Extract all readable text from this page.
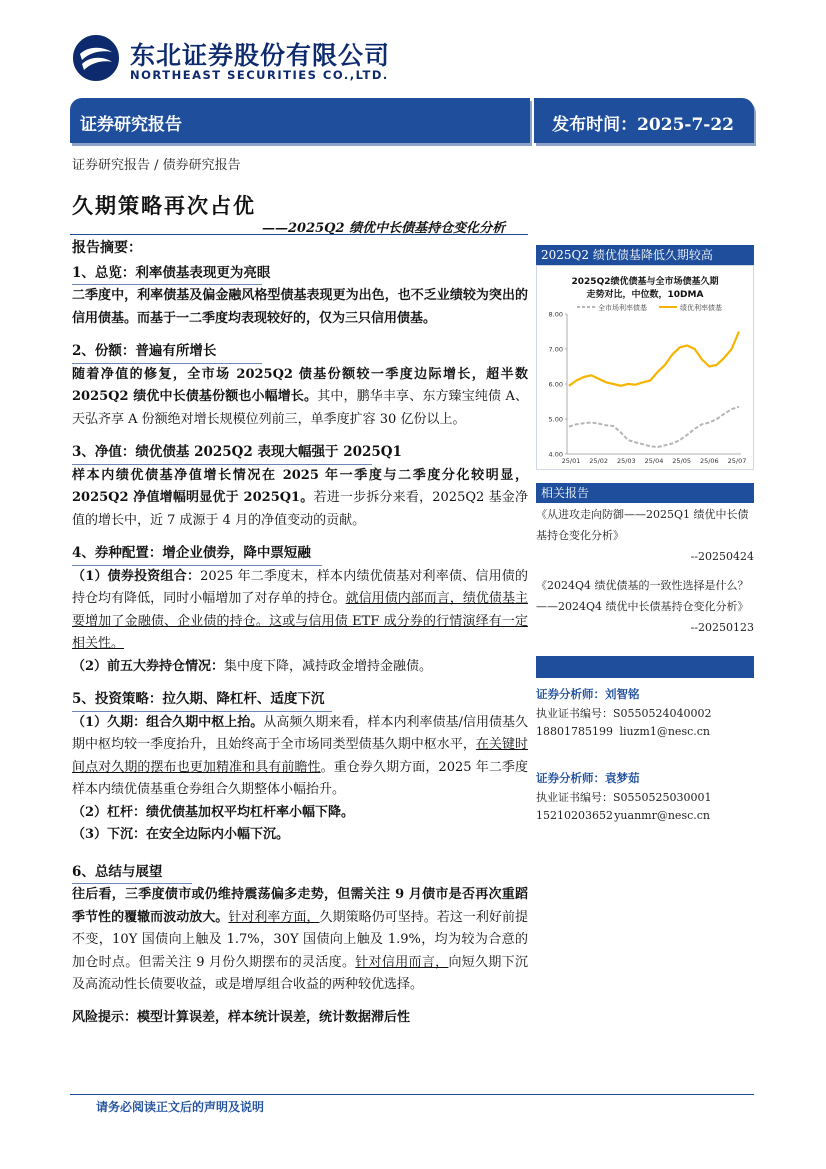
东北证券股份有限公司
NORTHEAST SECURITIES CO.,LTD.
证券研究报告	发布时间：2025-7-22
证券研究报告 / 债券研究报告
久期策略再次占优
——2025Q2 绩优中长债基持仓变化分析
报告摘要：
1、总览：利率债基表现更为亮眼
二季度中，利率债基及偏金融风格型债基表现更为出色，也不乏业绩较为突出的信用债基。而基于一二季度均表现较好的，仅为三只信用债基。
2、份额：普遍有所增长
随着净值的修复，全市场 2025Q2 债基份额较一季度边际增长，超半数 2025Q2 绩优中长债基份额也小幅增长。其中，鹏华丰享、东方臻宝纯债 A、天弘齐享 A 份额绝对增长规模位列前三，单季度扩容 30 亿份以上。
3、净值：绩优债基 2025Q2 表现大幅强于 2025Q1
样本内绩优债基净值增长情况在 2025 年一季度与二季度分化较明显，2025Q2 净值增幅明显优于 2025Q1。若进一步拆分来看，2025Q2 基金净值的增长中，近 7 成源于 4 月的净值变动的贡献。
4、券种配置：增企业债券，降中票短融
（1）债券投资组合：2025 年二季度末，样本内绩优债基对利率债、信用债的持仓均有降低，同时小幅增加了对存单的持仓。就信用债内部而言，绩优债基主要增加了金融债、企业债的持仓。这或与信用债 ETF 成分券的行情演绎有一定相关性。
（2）前五大券持仓情况：集中度下降，减持政金增持金融债。
5、投资策略：拉久期、降杠杆、适度下沉
（1）久期：组合久期中枢上抬。从高频久期来看，样本内利率债基/信用债基久期中枢均较一季度抬升，且始终高于全市场同类型债基久期中枢水平，在关键时间点对久期的摆布也更加精准和具有前瞻性。重仓券久期方面，2025 年二季度样本内绩优债基重仓券组合久期整体小幅抬升。
（2）杠杆：绩优债基加权平均杠杆率小幅下降。
（3）下沉：在安全边际内小幅下沉。
6、总结与展望
往后看，三季度债市或仍维持震荡偏多走势，但需关注 9 月债市是否再次重蹈季节性的覆辙而波动放大。针对利率方面，久期策略仍可坚持。若这一利好前提不变，10Y 国债向上触及 1.7%，30Y 国债向上触及 1.9%，均为较为合意的加仓时点。但需关注 9 月份久期摆布的灵活度。针对信用而言，向短久期下沉及高流动性长债要收益，或是增厚组合收益的两种较优选择。
风险提示：模型计算误差，样本统计误差，统计数据滞后性
2025Q2 绩优债基降低久期较高
2025Q2绩优债基与全市场债基久期
走势对比，中位数，10DMA
全市场利率债基	绩优利率债基
4.00
5.00
6.00
7.00
8.00
25/01 25/02 25/03 25/04 25/05 25/06 25/07
相关报告
《从进攻走向防御——2025Q1 绩优中长债基持仓变化分析》
--20250424
《2024Q4 绩优债基的一致性选择是什么？——2024Q4 绩优中长债基持仓变化分析》
--20250123
证券分析师：刘智铭
执业证书编号：S0550524040002
18801785199 liuzm1@nesc.cn
证券分析师：袁梦茹
执业证书编号：S0550525030001
15210203652 yuanmr@nesc.cn
请务必阅读正文后的声明及说明
